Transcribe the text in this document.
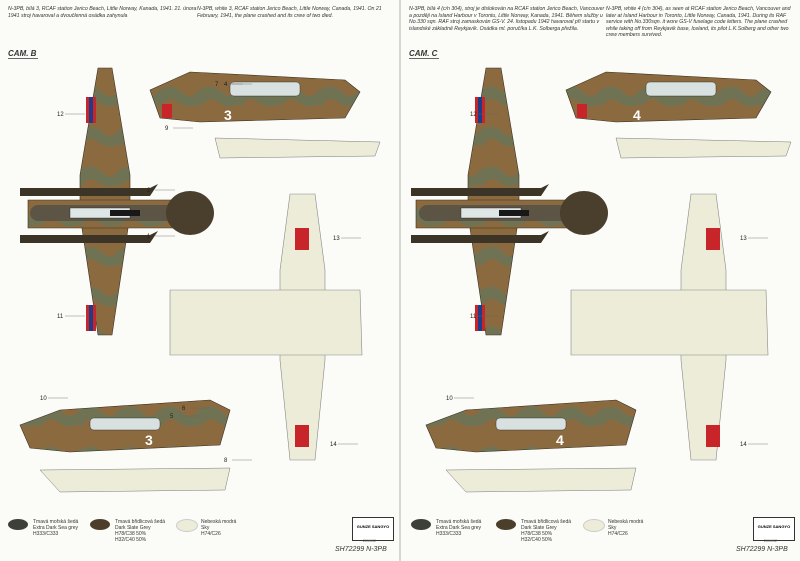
N-3PB, bílá 3, RCAF station Jerico Beach, Little Norway, Kanada, 1941. 21. února 1941 stroj havaroval a dvoučlenná osádka zahynula

N-3PB, white 3, RCAF station Jerico Beach, Little Norway, Canada, 1941. On 21 February, 1941, the plane crashed and its crew of two died.

CAM. B
3
3
12
2
1
11
7 4
9
13
10
6
5
8
14
Tmavá mořská šedá
Extra Dark Sea grey
H333/C333
Tmavá břidlicová šedá
Dark Slate Grey
H78/C38 50%
H32/C40 50%
Nebeská modrá
Sky
H74/C26
GUNZE SANGYO
2019/02
SH72299 N-3PB

N-3PB, bílá 4 (c/n 304), stroj je dislokován na RCAF station Jerico Beach, Vancouver a později na Island Harbour v Torontu, Little Norway, Kanada, 1941. Během služby u No.330 sqn. RAF stroj zamaskován GS-V. 24. listopadu 1942 havaroval při startu v islandské základně Reykjavík. Osádka ml. poručíka L.K. Solberga přežila.

N-3PB, white 4 (c/n 304), as seen at RCAF station Jerico Beach, Vancouver and later at Island Harbour in Toronto, Little Norway, Canada, 1941. During its RAF service with No.330sqn. it wore GS-V fuselage code letters. The plane crashed while taking off from Reykjavik base, Iceland, its pilot L.K.Solberg and other two crew members survived.

CAM. C
4
4
12
11
13
10
14
Tmavá mořská šedá
Extra Dark Sea grey
H333/C333
Tmavá břidlicová šedá
Dark Slate Grey
H78/C38 50%
H32/C40 50%
Nebeská modrá
Sky
H74/C26
GUNZE SANGYO
2019/02
SH72299 N-3PB
